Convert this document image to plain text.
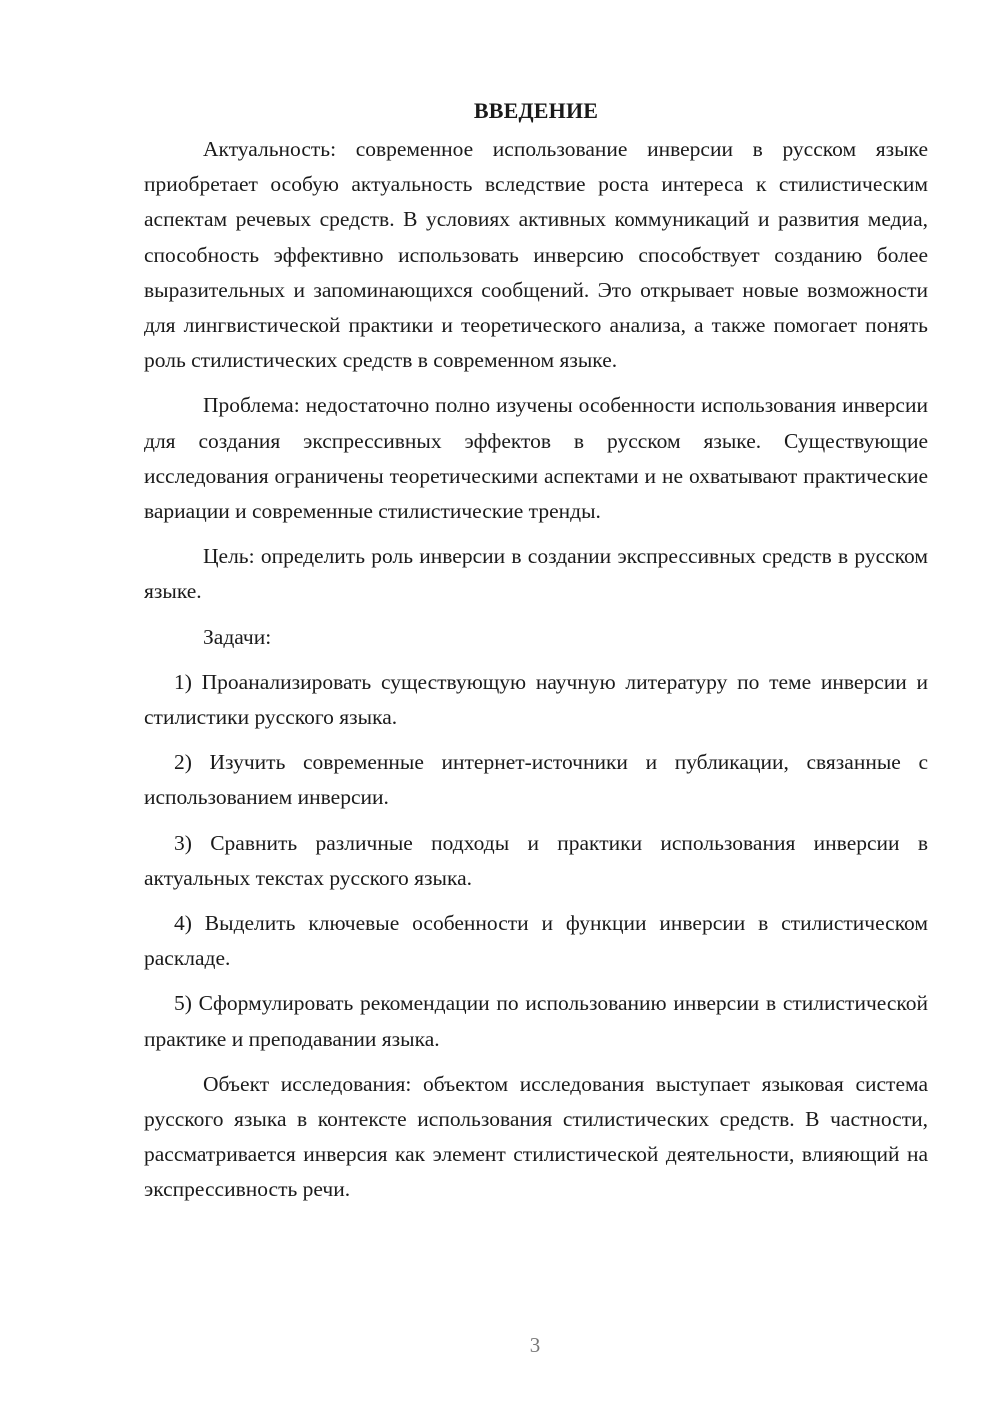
ВВЕДЕНИЕ

Актуальность: современное использование инверсии в русском языке приобретает особую актуальность вследствие роста интереса к стилистическим аспектам речевых средств. В условиях активных коммуникаций и развития медиа, способность эффективно использовать инверсию способствует созданию более выразительных и запоминающихся сообщений. Это открывает новые возможности для лингвистической практики и теоретического анализа, а также помогает понять роль стилистических средств в современном языке.

Проблема: недостаточно полно изучены особенности использования инверсии для создания экспрессивных эффектов в русском языке. Существующие исследования ограничены теоретическими аспектами и не охватывают практические вариации и современные стилистические тренды.

Цель: определить роль инверсии в создании экспрессивных средств в русском языке.

Задачи:

1) Проанализировать существующую научную литературу по теме инверсии и стилистики русского языка.

2) Изучить современные интернет-источники и публикации, связанные с использованием инверсии.

3) Сравнить различные подходы и практики использования инверсии в актуальных текстах русского языка.

4) Выделить ключевые особенности и функции инверсии в стилистическом раскладе.

5) Сформулировать рекомендации по использованию инверсии в стилистической практике и преподавании языка.

Объект исследования: объектом исследования выступает языковая система русского языка в контексте использования стилистических средств. В частности, рассматривается инверсия как элемент стилистической деятельности, влияющий на экспрессивность речи.

3
